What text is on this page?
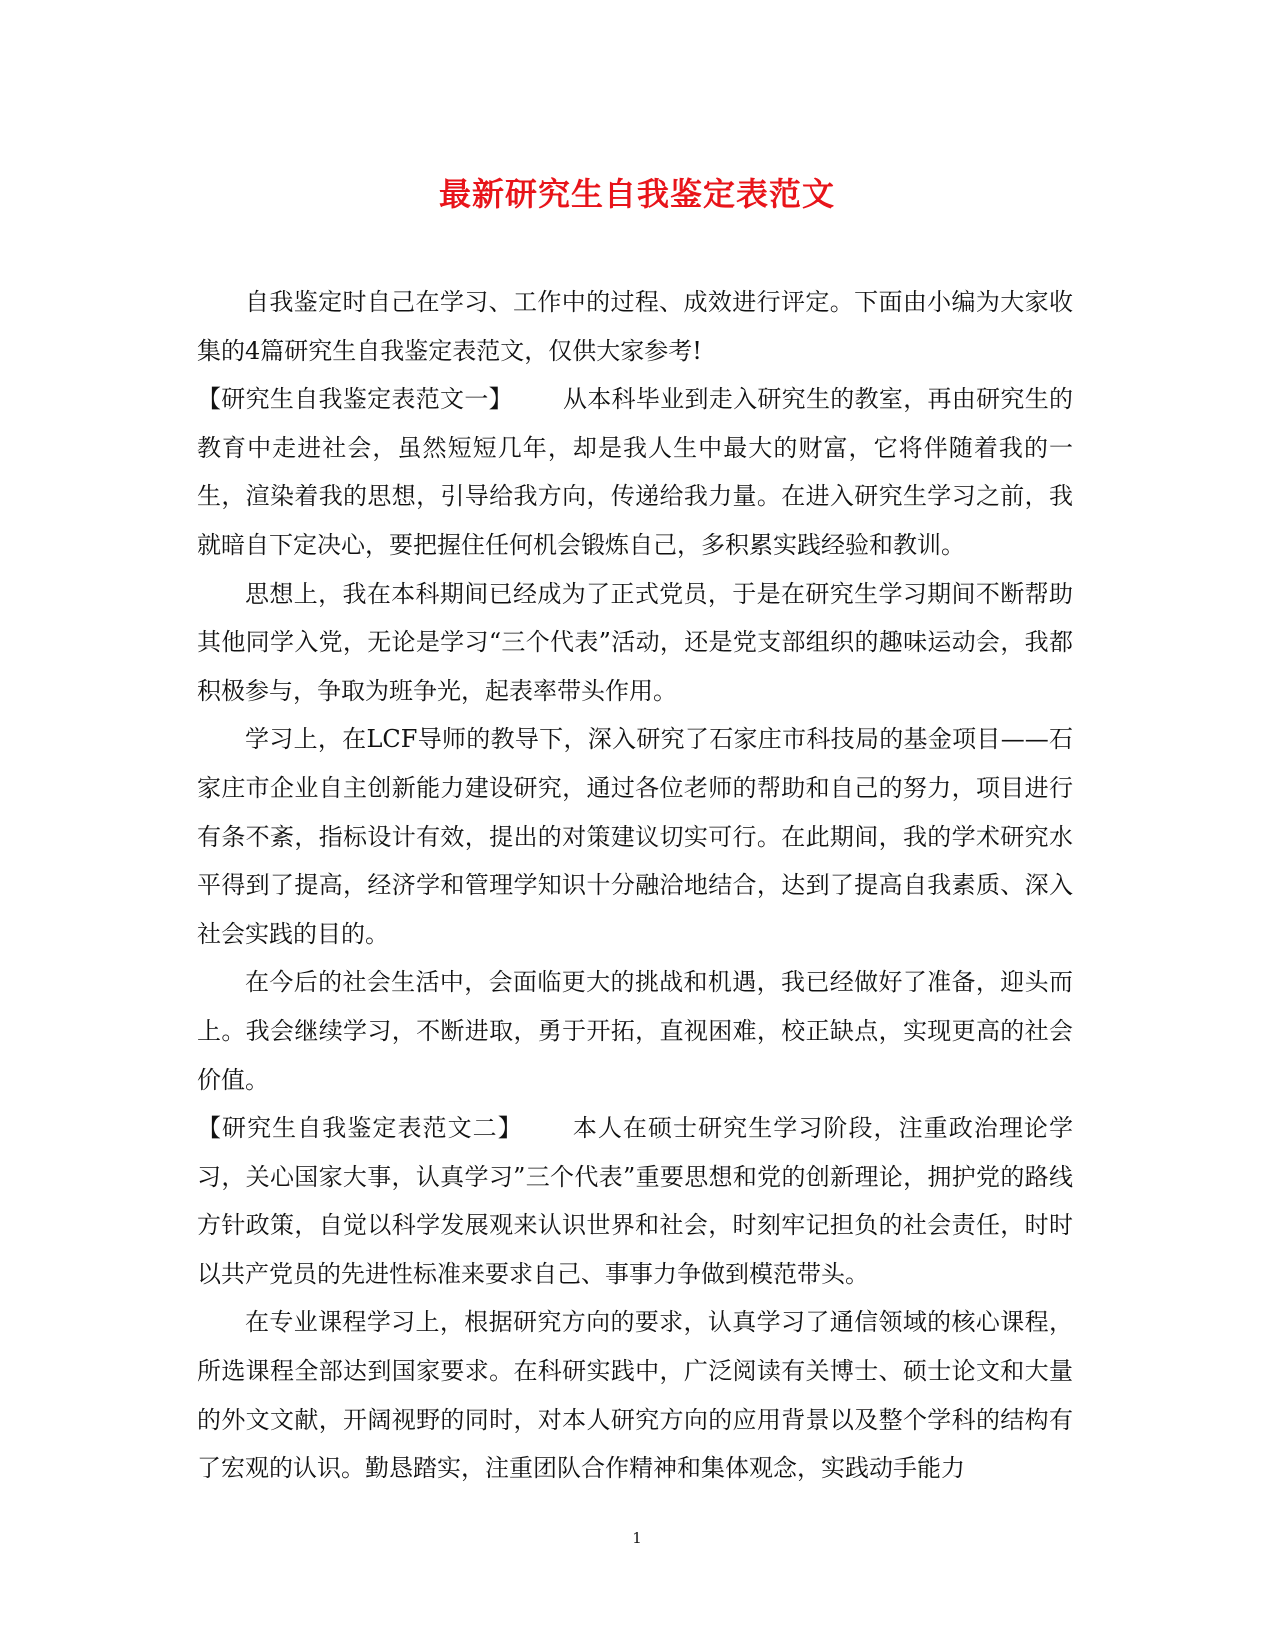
最新研究生自我鉴定表范文

自我鉴定时自己在学习、工作中的过程、成效进行评定。下面由小编为大家收集的4篇研究生自我鉴定表范文，仅供大家参考!

【研究生自我鉴定表范文一】 从本科毕业到走入研究生的教室，再由研究生的教育中走进社会，虽然短短几年，却是我人生中最大的财富，它将伴随着我的一生，渲染着我的思想，引导给我方向，传递给我力量。在进入研究生学习之前，我就暗自下定决心，要把握住任何机会锻炼自己，多积累实践经验和教训。

思想上，我在本科期间已经成为了正式党员，于是在研究生学习期间不断帮助其他同学入党，无论是学习“三个代表”活动，还是党支部组织的趣味运动会，我都积极参与，争取为班争光，起表率带头作用。

学习上，在LCF导师的教导下，深入研究了石家庄市科技局的基金项目——石家庄市企业自主创新能力建设研究，通过各位老师的帮助和自己的努力，项目进行有条不紊，指标设计有效，提出的对策建议切实可行。在此期间，我的学术研究水平得到了提高，经济学和管理学知识十分融洽地结合，达到了提高自我素质、深入社会实践的目的。

在今后的社会生活中，会面临更大的挑战和机遇，我已经做好了准备，迎头而上。我会继续学习，不断进取，勇于开拓，直视困难，校正缺点，实现更高的社会价值。

【研究生自我鉴定表范文二】 本人在硕士研究生学习阶段，注重政治理论学习，关心国家大事，认真学习”三个代表”重要思想和党的创新理论，拥护党的路线方针政策，自觉以科学发展观来认识世界和社会，时刻牢记担负的社会责任，时时以共产党员的先进性标准来要求自己、事事力争做到模范带头。

在专业课程学习上，根据研究方向的要求，认真学习了通信领域的核心课程，所选课程全部达到国家要求。在科研实践中，广泛阅读有关博士、硕士论文和大量的外文文献，开阔视野的同时，对本人研究方向的应用背景以及整个学科的结构有了宏观的认识。勤恳踏实，注重团队合作精神和集体观念，实践动手能力

1
